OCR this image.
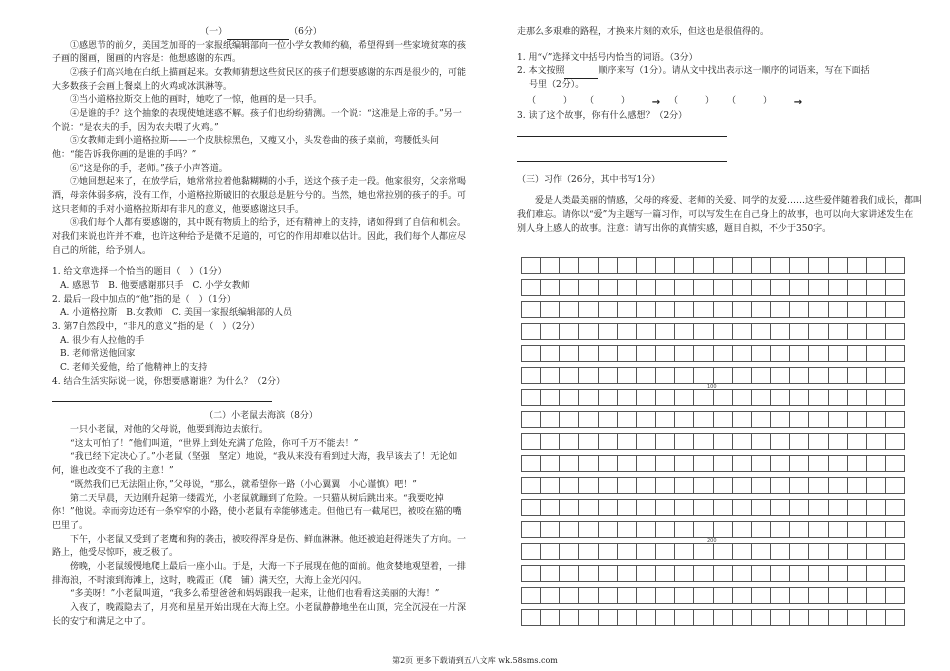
（一）	（6分）

①感恩节的前夕，美国芝加哥的一家报纸编辑部向一位小学女教师约稿，希望得到一些家境贫寒的孩子画的图画，图画的内容是：他想感谢的东西。

②孩子们高兴地在白纸上描画起来。女教师猜想这些贫民区的孩子们想要感谢的东西是很少的，可能大多数孩子会画上餐桌上的火鸡或冰淇淋等。

③当小道格拉斯交上他的画时，她吃了一惊，他画的是一只手。

④是谁的手？这个抽象的表现使她迷惑不解。孩子们也纷纷猜测。一个说：“这准是上帝的手。”另一个说：“是农夫的手，因为农夫喂了火鸡。”

⑤女教师走到小道格拉斯——一个皮肤棕黑色，又瘦又小，头发卷曲的孩子桌前，弯腰低头问他：“能告诉我你画的是谁的手吗？”

⑥“这是你的手，老师。”孩子小声答道。

⑦她回想起来了，在放学后，她常常拉着他黏糊糊的小手，送这个孩子走一段。他家很穷，父亲常喝酒，母亲体弱多病，没有工作，小道格拉斯破旧的衣服总是脏兮兮的。当然，她也常拉别的孩子的手。可这只老师的手对小道格拉斯却有非凡的意义，他要感谢这只手。

⑧我们每个人都有要感谢的，其中既有物质上的给予，还有精神上的支持，诸如得到了自信和机会。对我们来说也许并不难，也许这种给予是微不足道的，可它的作用却难以估计。因此，我们每个人都应尽自己的所能，给予别人。

1. 给文章选择一个恰当的题目（　）（1分）

A. 感恩节　B. 他要感谢那只手　C. 小学女教师

2. 最后一段中加点的“他”指的是（　）（1分）

A. 小道格拉斯　B.女教师　C. 美国一家报纸编辑部的人员

3. 第7自然段中，“非凡的意义”指的是（　）（2分）

A. 很少有人拉他的手

B. 老师常送他回家

C. 老师关爱他，给了他精神上的支持

4. 结合生活实际说一说，你想要感谢谁？为什么？（2分）

（二）小老鼠去海滨（8分）

一只小老鼠，对他的父母说，他要到海边去旅行。

“这太可怕了！”他们叫道，“世界上到处充满了危险，你可千万不能去！”

“我已经下定决心了。”小老鼠（坚强　坚定）地说，“我从来没有看到过大海，我早该去了！无论如何，谁也改变不了我的主意！”

“既然我们已无法阻止你，”父母说，“那么，就希望你一路（小心翼翼　小心谨慎）吧！”

第二天早晨，天边刚升起第一缕霞光，小老鼠就蹦到了危险。一只猫从树后跳出来。“我要吃掉你！”他说。幸而旁边还有一条窄窄的小路，使小老鼠有幸能够逃走。但他已有一截尾巴，被咬在猫的嘴巴里了。

下午，小老鼠又受到了老鹰和狗的袭击，被咬得浑身是伤、鲜血淋淋。他还被追赶得迷失了方向。一路上，他受尽惊吓，疲乏极了。

傍晚，小老鼠缓慢地爬上最后一座小山。于是，大海一下子展现在他的面前。他贪婪地观望着，一排排海浪，不时滚到海滩上，这时，晚霞正（爬　铺）满天空，大海上金光闪闪。

“多美呀！”小老鼠叫道，“我多么希望爸爸和妈妈跟我一起来，让他们也看看这美丽的大海！”

入夜了，晚霞隐去了，月亮和星星开始出现在大海上空。小老鼠静静地坐在山顶，完全沉浸在一片深长的安宁和满足之中了。

走那么多艰难的路程，才换来片刻的欢乐，但这也是很值得的。

1. 用“√”选择文中括号内恰当的词语。（3分）

2. 本文按照	顺序来写（1分）。请从文中找出表示这一顺序的词语来，写在下面括

号里（2分）。

（　　　）	（　　　）	→ （　　　）	（　　　）	→

3. 读了这个故事，你有什么感想？（2分）

（三）习作（26分，其中书写1分）

爱是人类最美丽的情感，父母的疼爱、老师的关爱、同学的友爱……这些爱伴随着我们成长，都叫我们难忘。请你以“爱”为主题写一篇习作，可以写发生在自己身上的故事，也可以向大家讲述发生在别人身上感人的故事。注意：请写出你的真情实感，题目自拟，不少于350字。

100
200
第2页 更多下载请到五八文库 wk.58sms.com
